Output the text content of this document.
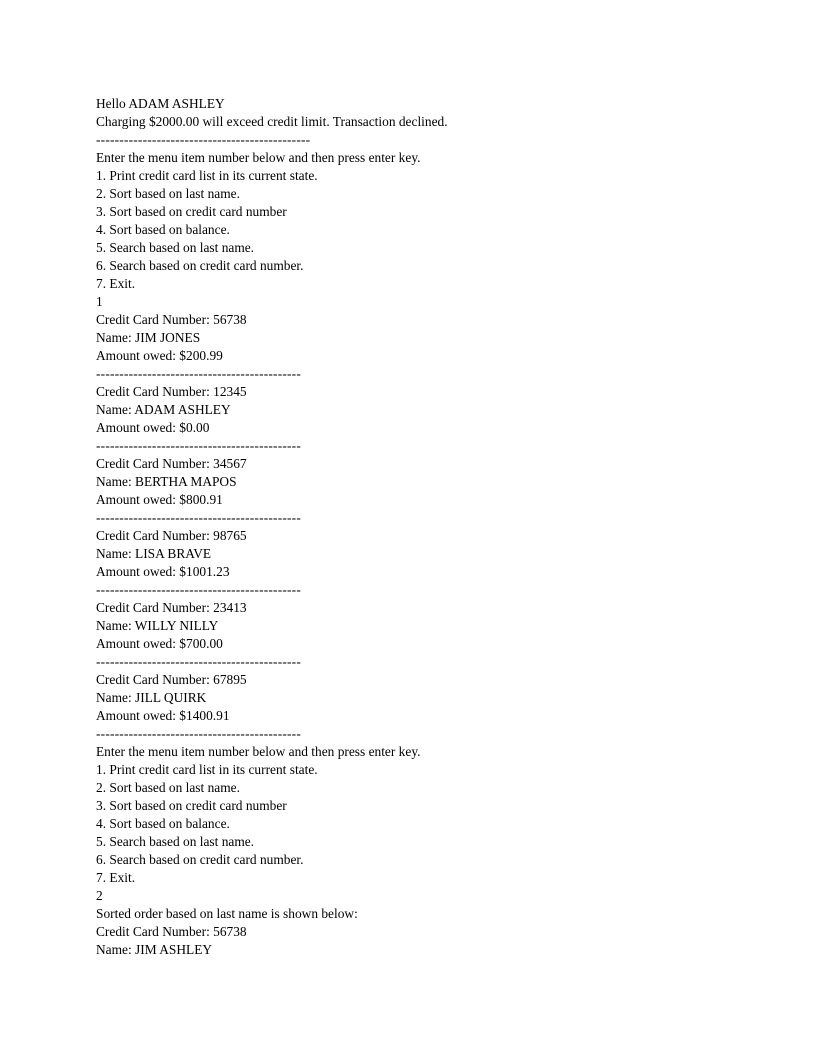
Hello ADAM ASHLEY
Charging $2000.00 will exceed credit limit. Transaction declined.
----------------------------------------------
Enter the menu item number below and then press enter key.
1. Print credit card list in its current state.
2. Sort based on last name.
3. Sort based on credit card number
4. Sort based on balance.
5. Search based on last name.
6. Search based on credit card number.
7. Exit.
1
Credit Card Number: 56738
Name: JIM JONES
Amount owed: $200.99
--------------------------------------------
Credit Card Number: 12345
Name: ADAM ASHLEY
Amount owed: $0.00
--------------------------------------------
Credit Card Number: 34567
Name: BERTHA MAPOS
Amount owed: $800.91
--------------------------------------------
Credit Card Number: 98765
Name: LISA BRAVE
Amount owed: $1001.23
--------------------------------------------
Credit Card Number: 23413
Name: WILLY NILLY
Amount owed: $700.00
--------------------------------------------
Credit Card Number: 67895
Name: JILL QUIRK
Amount owed: $1400.91
--------------------------------------------
Enter the menu item number below and then press enter key.
1. Print credit card list in its current state.
2. Sort based on last name.
3. Sort based on credit card number
4. Sort based on balance.
5. Search based on last name.
6. Search based on credit card number.
7. Exit.
2
Sorted order based on last name is shown below:
Credit Card Number: 56738
Name: JIM ASHLEY
